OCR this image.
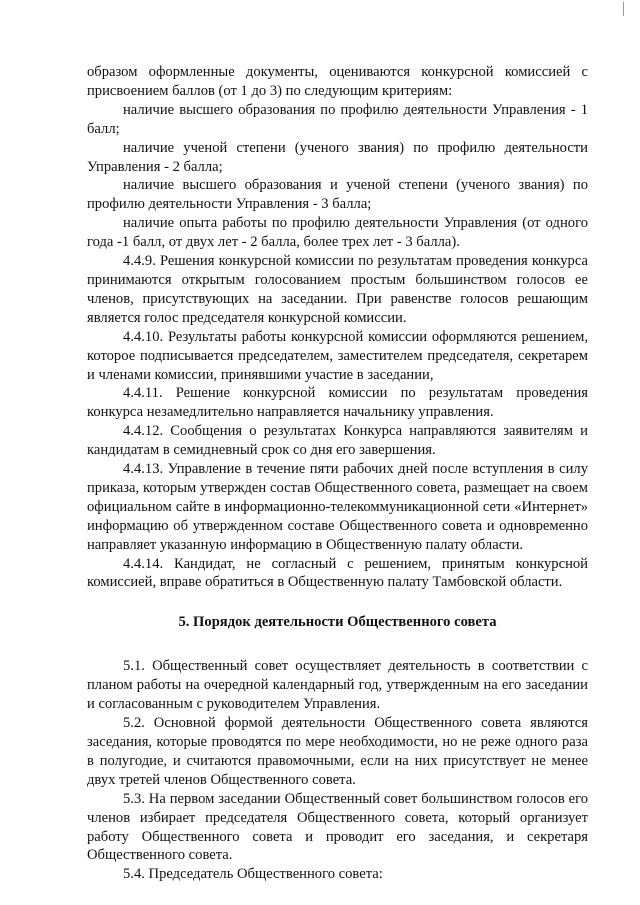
образом оформленные документы, оцениваются конкурсной комиссией с присвоением баллов (от 1 до 3) по следующим критериям:

наличие высшего образования по профилю деятельности Управления - 1 балл;

наличие ученой степени (ученого звания) по профилю деятельности Управления - 2 балла;

наличие высшего образования и ученой степени (ученого звания) по профилю деятельности Управления - 3 балла;

наличие опыта работы по профилю деятельности Управления (от одного года -1 балл, от двух лет - 2 балла, более трех лет - 3 балла).

4.4.9. Решения конкурсной комиссии по результатам проведения конкурса принимаются открытым голосованием простым большинством голосов ее членов, присутствующих на заседании. При равенстве голосов решающим является голос председателя конкурсной комиссии.

4.4.10. Результаты работы конкурсной комиссии оформляются решением, которое подписывается председателем, заместителем председателя, секретарем и членами комиссии, принявшими участие в заседании,

4.4.11. Решение конкурсной комиссии по результатам проведения конкурса незамедлительно направляется начальнику управления.

4.4.12. Сообщения о результатах Конкурса направляются заявителям и кандидатам в семидневный срок со дня его завершения.

4.4.13. Управление в течение пяти рабочих дней после вступления в силу приказа, которым утвержден состав Общественного совета, размещает на своем официальном сайте в информационно-телекоммуникационной сети «Интернет» информацию об утвержденном составе Общественного совета и одновременно направляет указанную информацию в Общественную палату области.

4.4.14. Кандидат, не согласный с решением, принятым конкурсной комиссией, вправе обратиться в Общественную палату Тамбовской области.

5. Порядок деятельности Общественного совета

5.1. Общественный совет осуществляет деятельность в соответствии с планом работы на очередной календарный год, утвержденным на его заседании и согласованным с руководителем Управления.

5.2. Основной формой деятельности Общественного совета являются заседания, которые проводятся по мере необходимости, но не реже одного раза в полугодие, и считаются правомочными, если на них присутствует не менее двух третей членов Общественного совета.

5.3. На первом заседании Общественный совет большинством голосов его членов избирает председателя Общественного совета, который организует работу Общественного совета и проводит его заседания, и секретаря Общественного совета.

5.4. Председатель Общественного совета:
